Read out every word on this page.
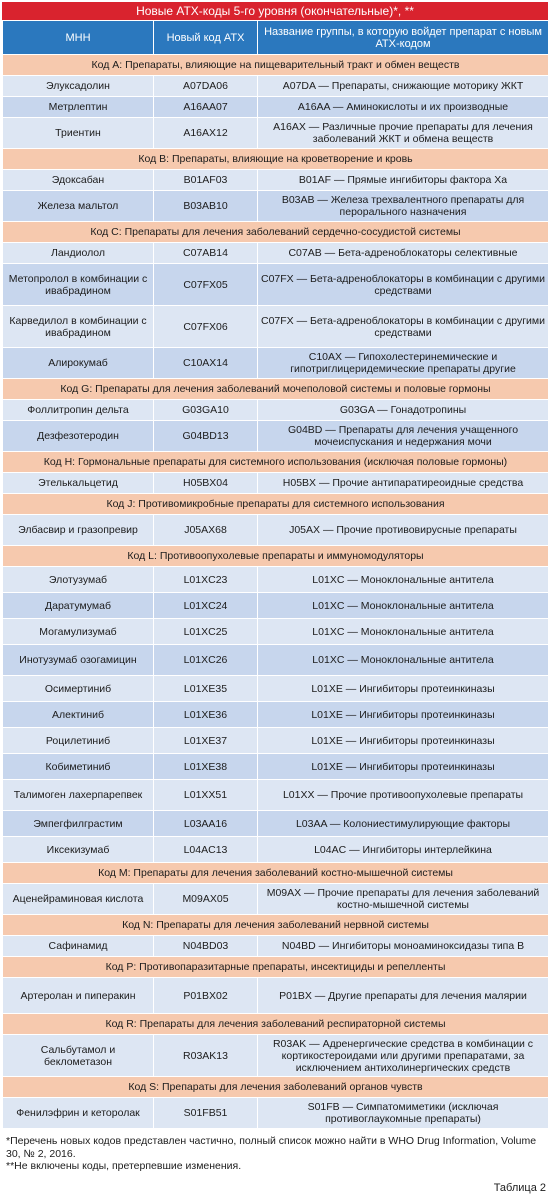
Новые АТХ-коды 5-го уровня (окончательные)*, **
МНН	Новый код АТХ	Название группы, в которую войдет препарат с новым АТХ-кодом
Код A: Препараты, влияющие на пищеварительный тракт и обмен веществ		
Элуксадолин	A07DA06	A07DA — Препараты, снижающие моторику ЖКТ
Метрлептин	A16AA07	A16AA — Аминокислоты и их производные
Триентин	A16AX12	A16AX — Различные прочие препараты для лечения заболеваний ЖКТ и обмена веществ
Код B: Препараты, влияющие на кроветворение и кровь		
Эдоксабан	B01AF03	B01AF — Прямые ингибиторы фактора Ха
Железа мальтол	B03AB10	B03AB — Железа трехвалентного препараты для перорального назначения
Код C: Препараты для лечения заболеваний сердечно-сосудистой системы		
Ландиолол	C07AB14	C07AB — Бета-адреноблокаторы селективные
Метопролол в комбинации с ивабрадином	C07FX05	C07FX — Бета-адреноблокаторы в комбинации с другими средствами
Карведилол в комбинации с ивабрадином	C07FX06	C07FX — Бета-адреноблокаторы в комбинации с другими средствами
Алирокумаб	C10AX14	C10AX — Гипохолестеринемические и гипотриглицеридемические препараты другие
Код G: Препараты для лечения заболеваний мочеполовой системы и половые гормоны		
Фоллитропин дельта	G03GA10	G03GA — Гонадотропины
Дезфезотеродин	G04BD13	G04BD — Препараты для лечения учащенного мочеиспускания и недержания мочи
Код H: Гормональные препараты для системного использования (исключая половые гормоны)		
Этелькальцетид	H05BX04	H05BX — Прочие антипаратиреоидные средства
Код J: Противомикробные препараты для системного использования		
Элбасвир и гразопревир	J05AX68	J05AX — Прочие противовирусные препараты
Код L: Противоопухолевые препараты и иммуномодуляторы		
Элотузумаб	L01XC23	L01XC — Моноклональные антитела
Даратумумаб	L01XC24	L01XC — Моноклональные антитела
Могамулизумаб	L01XC25	L01XC — Моноклональные антитела
Инотузумаб озогамицин	L01XC26	L01XC — Моноклональные антитела
Осимертиниб	L01XE35	L01XE — Ингибиторы протеинкиназы
Алектиниб	L01XE36	L01XE — Ингибиторы протеинкиназы
Роцилетиниб	L01XE37	L01XE — Ингибиторы протеинкиназы
Кобиметиниб	L01XE38	L01XE — Ингибиторы протеинкиназы
Талимоген лахерпарепвек	L01XX51	L01XX — Прочие противоопухолевые препараты
Эмпегфилграстим	L03AA16	L03AA — Колониестимулирующие факторы
Иксекизумаб	L04AC13	L04AC — Ингибиторы интерлейкина
Код M: Препараты для лечения заболеваний костно-мышечной системы		
Аценейраминовая кислота	M09AX05	M09AX — Прочие препараты для лечения заболеваний костно-мышечной системы
Код N: Препараты для лечения заболеваний нервной системы		
Сафинамид	N04BD03	N04BD — Ингибиторы моноаминоксидазы типа B
Код P: Противопаразитарные препараты, инсектициды и репелленты		
Артеролан и пиперакин	P01BX02	P01BX — Другие препараты для лечения малярии
Код R: Препараты для лечения заболеваний респираторной системы		
Сальбутамол и беклометазон	R03AK13	R03AK — Адренергические средства в комбинации с кортикостероидами или другими препаратами, за исключением антихолинергических средств
Код S: Препараты для лечения заболеваний органов чувств		
Фенилэфрин и кеторолак	S01FB51	S01FB — Симпатомиметики (исключая противоглаукомные препараты)
*Перечень новых кодов представлен частично, полный список можно найти в WHO Drug Information, Volume 30, № 2, 2016.
**Не включены коды, претерпевшие изменения.
Таблица 2
